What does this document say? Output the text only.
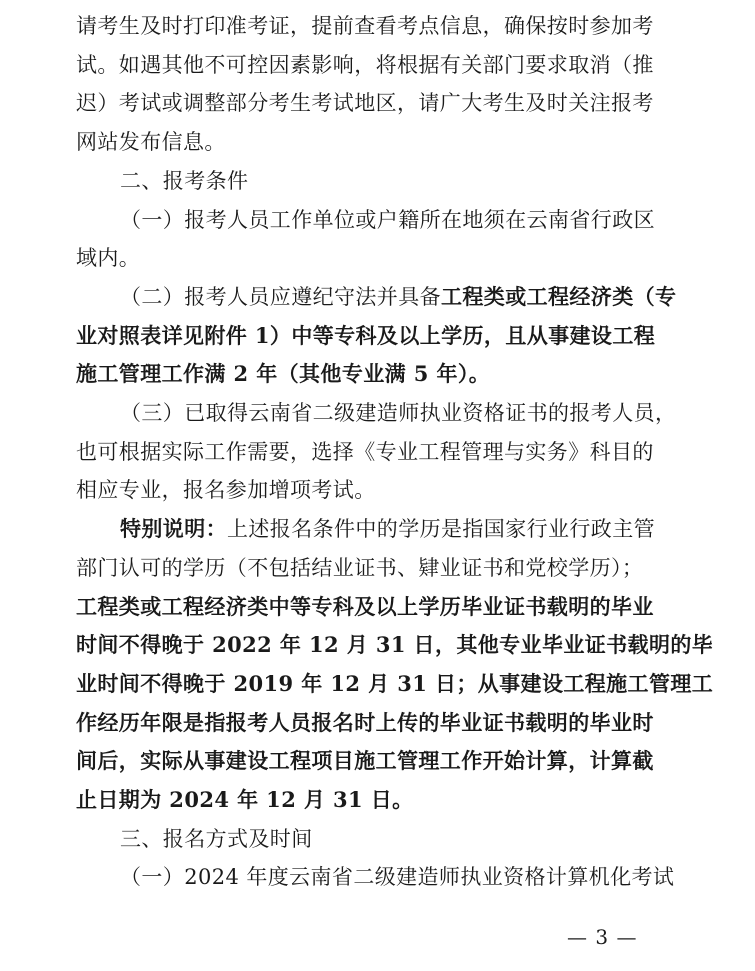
请考生及时打印准考证，提前查看考点信息，确保按时参加考
试。如遇其他不可控因素影响，将根据有关部门要求取消（推
迟）考试或调整部分考生考试地区，请广大考生及时关注报考
网站发布信息。
二、报考条件
（一）报考人员工作单位或户籍所在地须在云南省行政区
域内。
（二）报考人员应遵纪守法并具备工程类或工程经济类（专
业对照表详见附件 1）中等专科及以上学历，且从事建设工程
施工管理工作满 2 年（其他专业满 5 年）。
（三）已取得云南省二级建造师执业资格证书的报考人员，
也可根据实际工作需要，选择《专业工程管理与实务》科目的
相应专业，报名参加增项考试。
特别说明：上述报名条件中的学历是指国家行业行政主管
部门认可的学历（不包括结业证书、肄业证书和党校学历）；
工程类或工程经济类中等专科及以上学历毕业证书载明的毕业
时间不得晚于 2022 年 12 月 31 日，其他专业毕业证书载明的毕
业时间不得晚于 2019 年 12 月 31 日；从事建设工程施工管理工
作经历年限是指报考人员报名时上传的毕业证书载明的毕业时
间后，实际从事建设工程项目施工管理工作开始计算，计算截
止日期为 2024 年 12 月 31 日。
三、报名方式及时间
（一）2024 年度云南省二级建造师执业资格计算机化考试
— 3 —
